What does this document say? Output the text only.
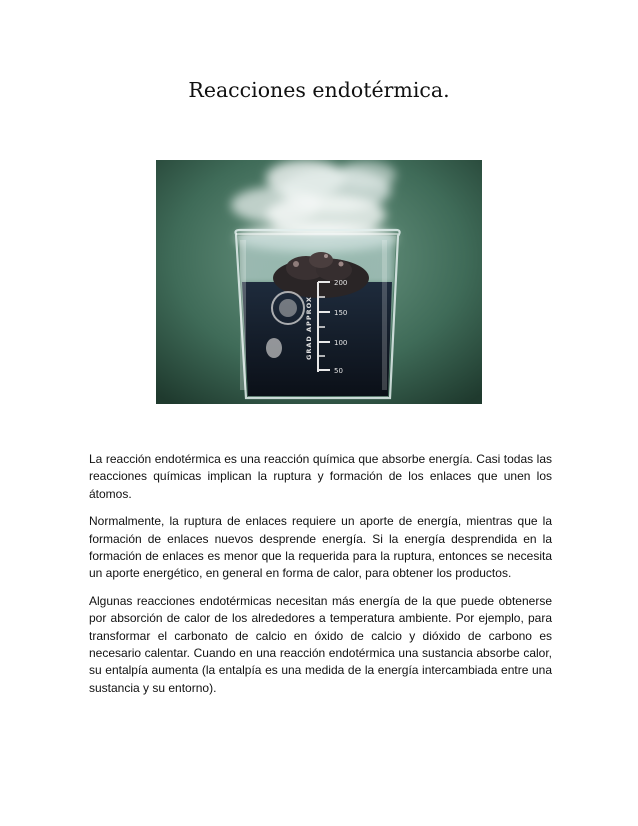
Reacciones endotérmica.
200
150
100
50
GRAD APPROX

La reacción endotérmica es una reacción química que absorbe energía. Casi todas las reacciones químicas implican la ruptura y formación de los enlaces que unen los átomos.

Normalmente, la ruptura de enlaces requiere un aporte de energía, mientras que la formación de enlaces nuevos desprende energía. Si la energía desprendida en la formación de enlaces es menor que la requerida para la ruptura, entonces se necesita un aporte energético, en general en forma de calor, para obtener los productos.

Algunas reacciones endotérmicas necesitan más energía de la que puede obtenerse por absorción de calor de los alrededores a temperatura ambiente. Por ejemplo, para transformar el carbonato de calcio en óxido de calcio y dióxido de carbono es necesario calentar. Cuando en una reacción endotérmica una sustancia absorbe calor, su entalpía aumenta (la entalpía es una medida de la energía intercambiada entre una sustancia y su entorno).
